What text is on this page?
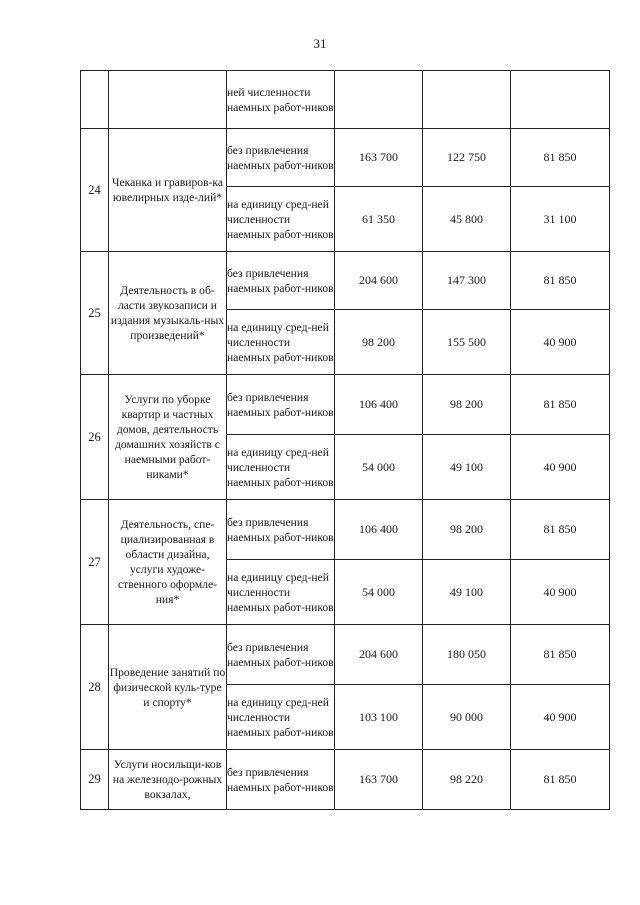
31
		ней численности наемных работ-ников			
24	Чеканка и гравиров-ка ювелирных изде-лий*	без привлечения наемных работ-ников	163 700	122 750	81 850
		на единицу сред-ней численности наемных работ-ников	61 350	45 800	31 100
25	Деятельность в об-ласти звукозаписи и издания музыкаль-ных произведений*	без привлечения наемных работ-ников	204 600	147 300	81 850
		на единицу сред-ней численности наемных работ-ников	98 200	155 500	40 900
26	Услуги по уборке квартир и частных домов, деятельность домашних хозяйств с наемными работ-никами*	без привлечения наемных работ-ников	106 400	98 200	81 850
		на единицу сред-ней численности наемных работ-ников	54 000	49 100	40 900
27	Деятельность, спе-циализированная в области дизайна, услуги художе-ственного оформле-ния*	без привлечения наемных работ-ников	106 400	98 200	81 850
		на единицу сред-ней численности наемных работ-ников	54 000	49 100	40 900
28	Проведение занятий по физической куль-туре и спорту*	без привлечения наемных работ-ников	204 600	180 050	81 850
		на единицу сред-ней численности наемных работ-ников	103 100	90 000	40 900
29	Услуги носильщи-ков на железнодо-рожных вокзалах,	без привлечения наемных работ-ников	163 700	98 220	81 850
